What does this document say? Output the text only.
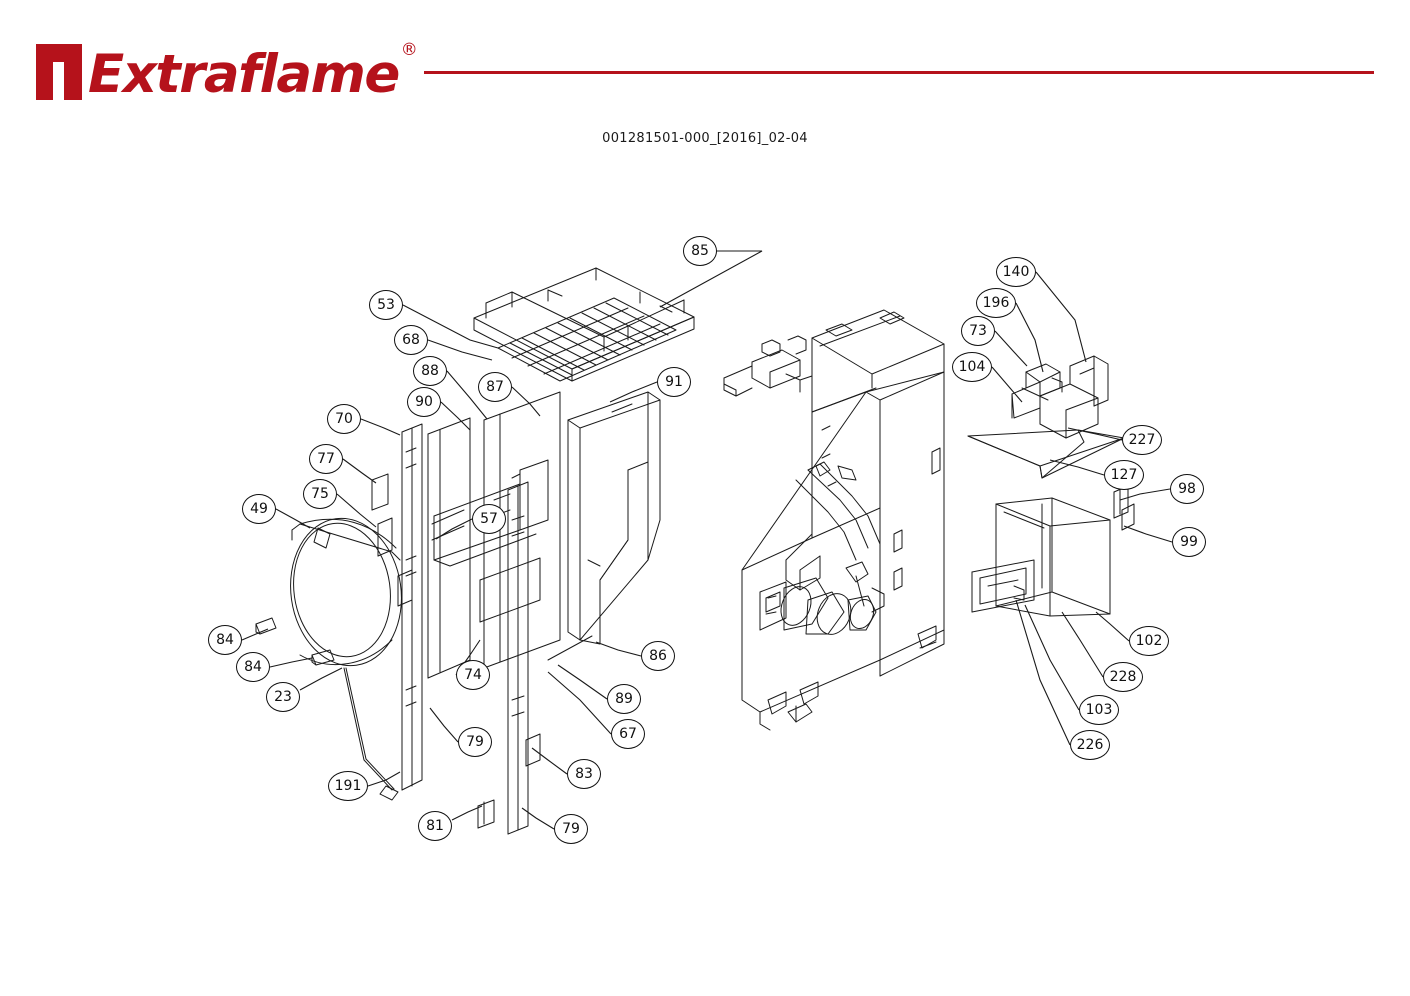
Extraflame ®
001281501-000_[2016]_02-04
85
53
68
88
87	91
90
70
77
75
57
49
98
99
140
196
73
104
227
127
84
84
23
74
86
89
67
79
83
191
81	79
102
228
103
226
